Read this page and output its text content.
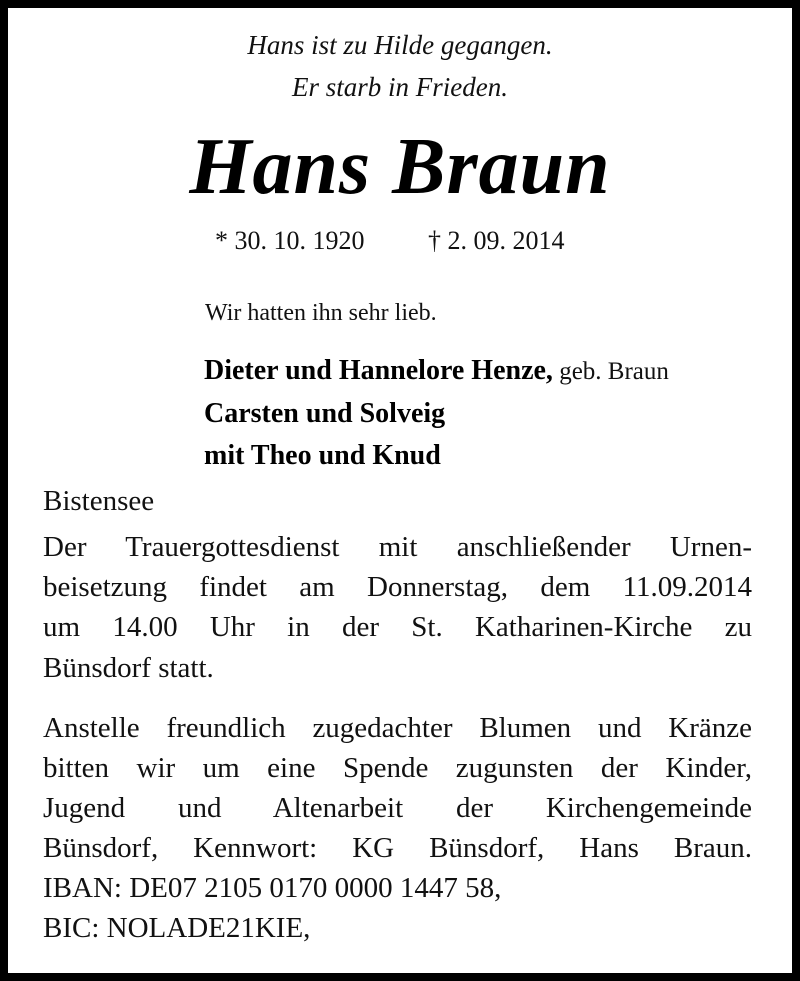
Hans ist zu Hilde gegangen.
Er starb in Frieden.
Hans Braun
* 30. 10. 1920 † 2. 09. 2014
Wir hatten ihn sehr lieb.
Dieter und Hannelore Henze, geb. Braun
Carsten und Solveig
mit Theo und Knud
Bistensee
Der Trauergottesdienst mit anschließender Urnen-
beisetzung findet am Donnerstag, dem 11.09.2014
um 14.00 Uhr in der St. Katharinen-Kirche zu
Bünsdorf statt.
Anstelle freundlich zugedachter Blumen und Kränze
bitten wir um eine Spende zugunsten der Kinder,
Jugend und Altenarbeit der Kirchengemeinde
Bünsdorf, Kennwort: KG Bünsdorf, Hans Braun.
IBAN: DE07 2105 0170 0000 1447 58,
BIC: NOLADE21KIE,
